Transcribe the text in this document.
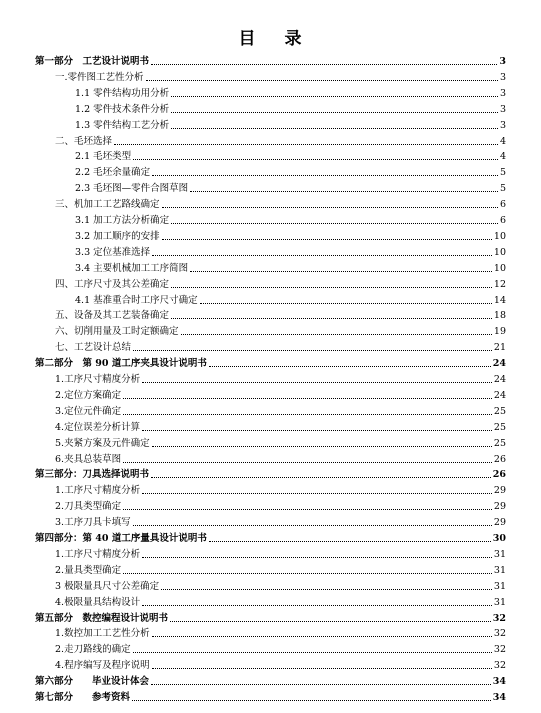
目 录
第一部分　工艺设计说明书	3
一.零件图工艺性分析	3
1.1 零件结构功用分析	3
1.2 零件技术条件分析	3
1.3 零件结构工艺分析	3
二、毛坯选择	4
2.1 毛坯类型	4
2.2 毛坯余量确定	5
2.3 毛坯图—零件合图草图	5
三、机加工工艺路线确定	6
3.1 加工方法分析确定	6
3.2 加工顺序的安排	10
3.3 定位基准选择	10
3.4 主要机械加工工序简图	10
四、工序尺寸及其公差确定	12
4.1 基准重合时工序尺寸确定	14
五、设备及其工艺装备确定	18
六、切削用量及工时定额确定	19
七、工艺设计总结	21
第二部分　第 90 道工序夹具设计说明书	24
1.工序尺寸精度分析	24
2.定位方案确定	24
3.定位元件确定	25
4.定位误差分析计算	25
5.夹紧方案及元件确定	25
6.夹具总装草图	26
第三部分：刀具选择说明书	26
1.工序尺寸精度分析	29
2.刀具类型确定	29
3.工序刀具卡填写	29
第四部分：第 40 道工序量具设计说明书	30
1.工序尺寸精度分析	31
2.量具类型确定	31
3 极限量具尺寸公差确定	31
4.极限量具结构设计	31
第五部分　数控编程设计说明书	32
1.数控加工工艺性分析	32
2.走刀路线的确定	32
4.程序编写及程序说明	32
第六部分　　毕业设计体会	34
第七部分　　参考资料	34
